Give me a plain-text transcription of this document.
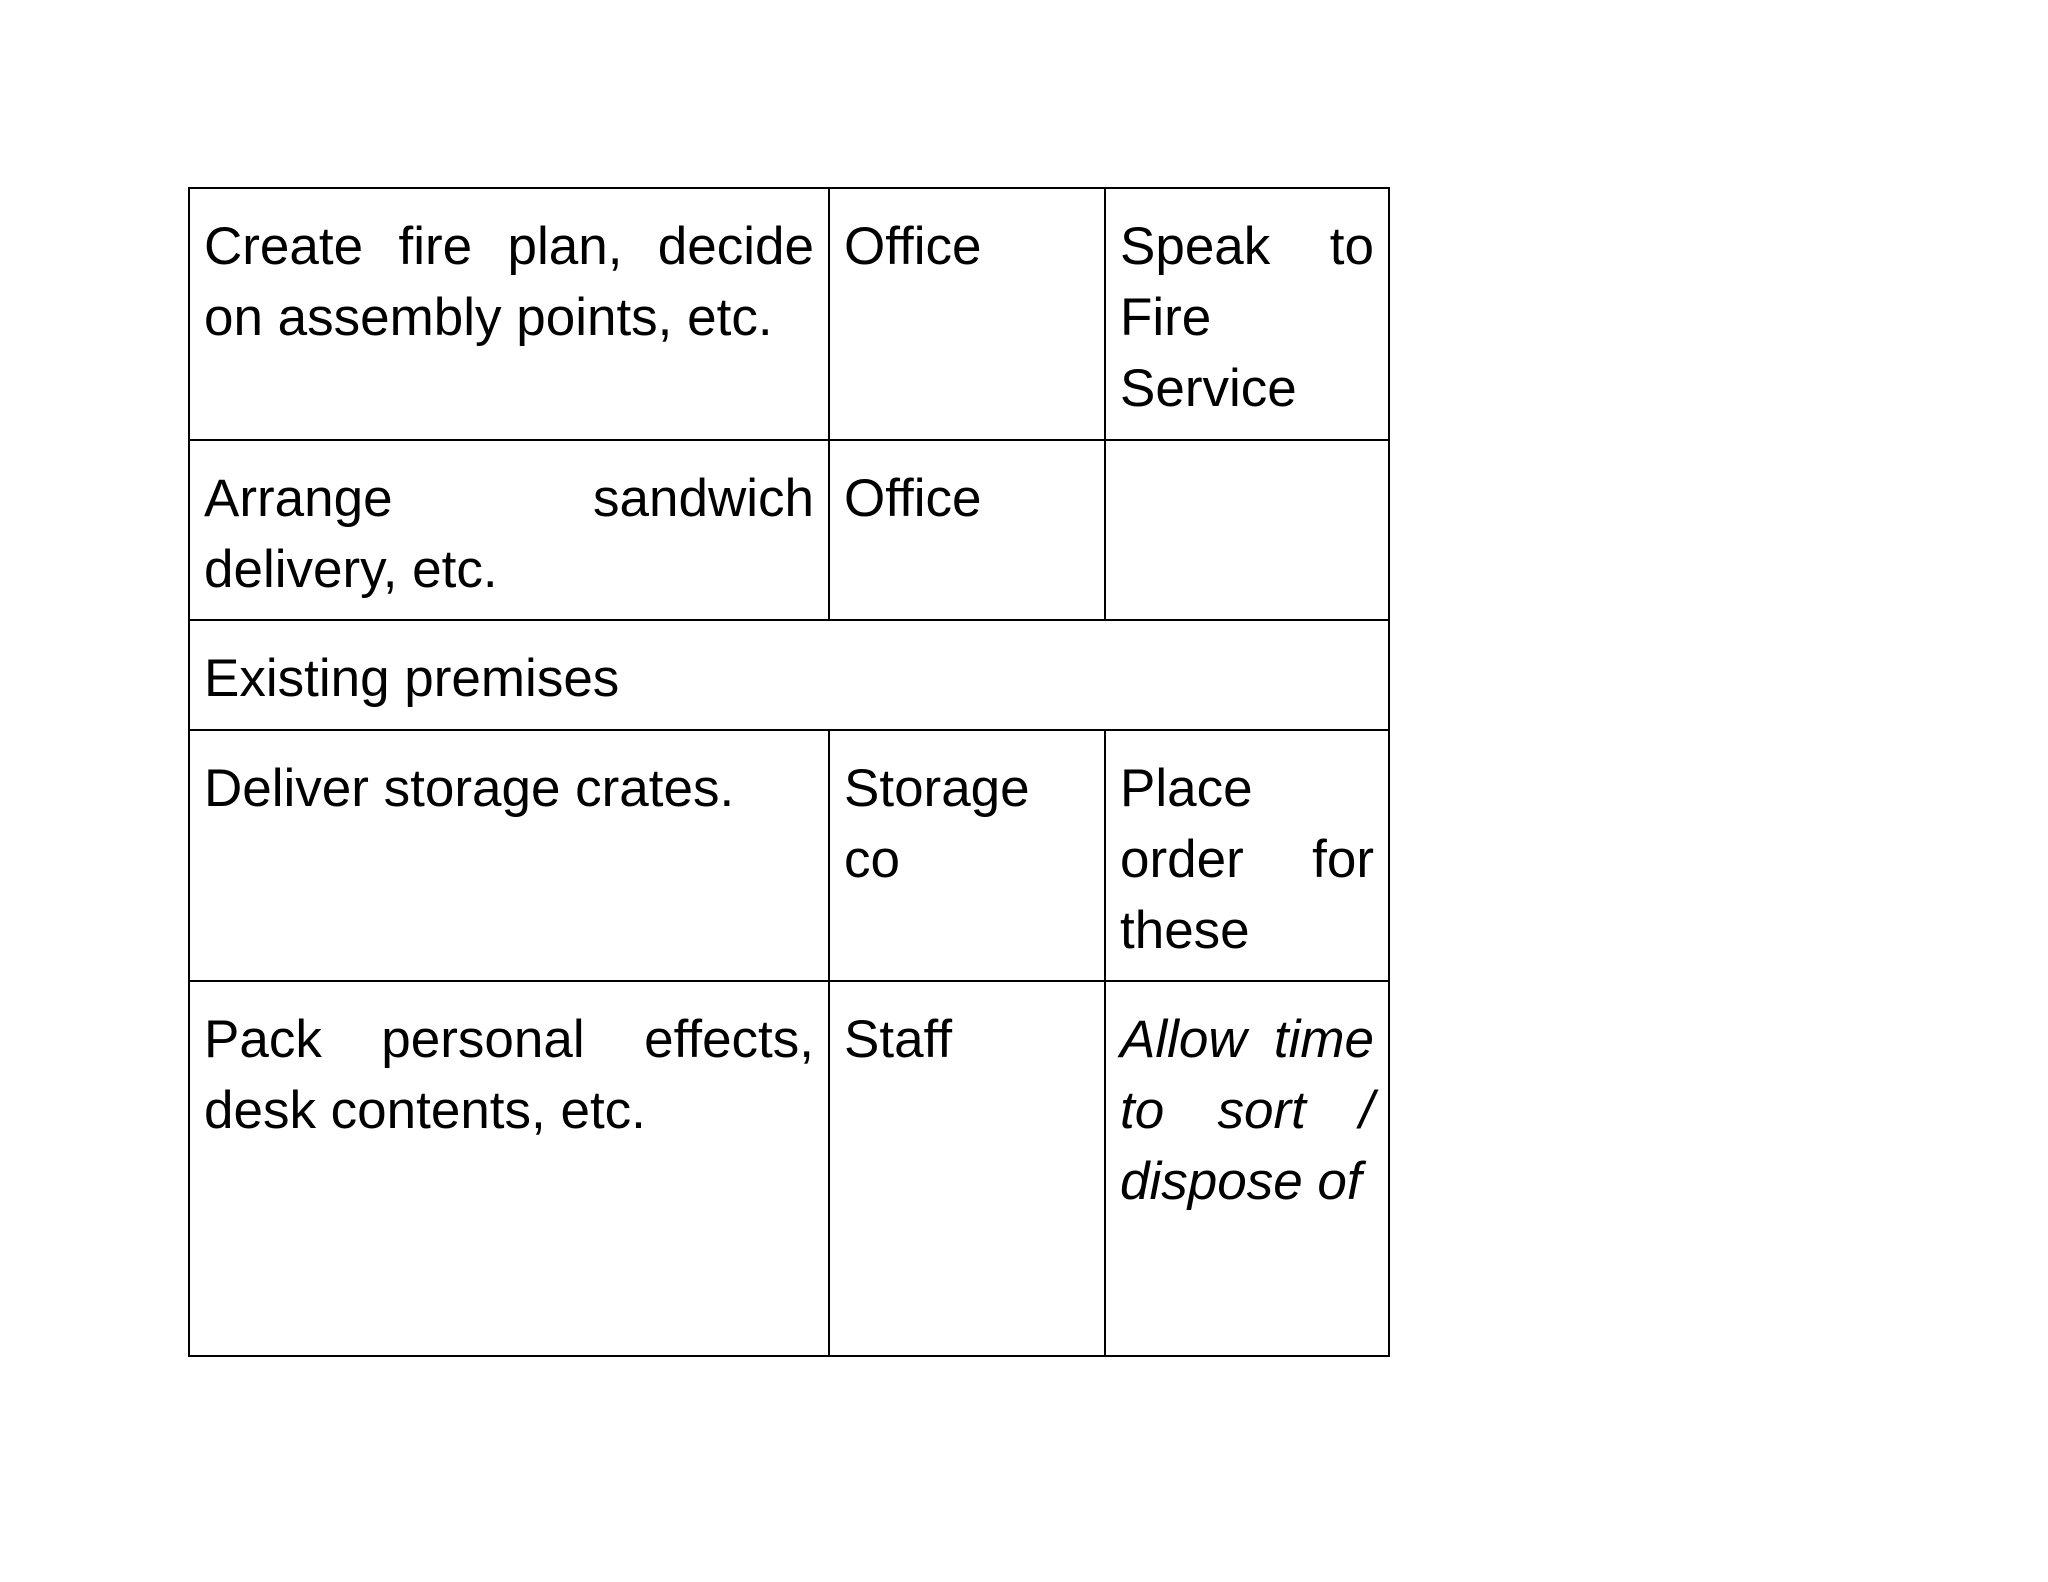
Create fire plan, decide on assembly points, etc.	Office	Speak to Fire Service
Arrange sandwich delivery, etc.	Office	
Existing premises		
Deliver storage crates.	Storage co	Place order for these
Pack personal effects, desk contents, etc.	Staff	Allow time to sort / dispose of
